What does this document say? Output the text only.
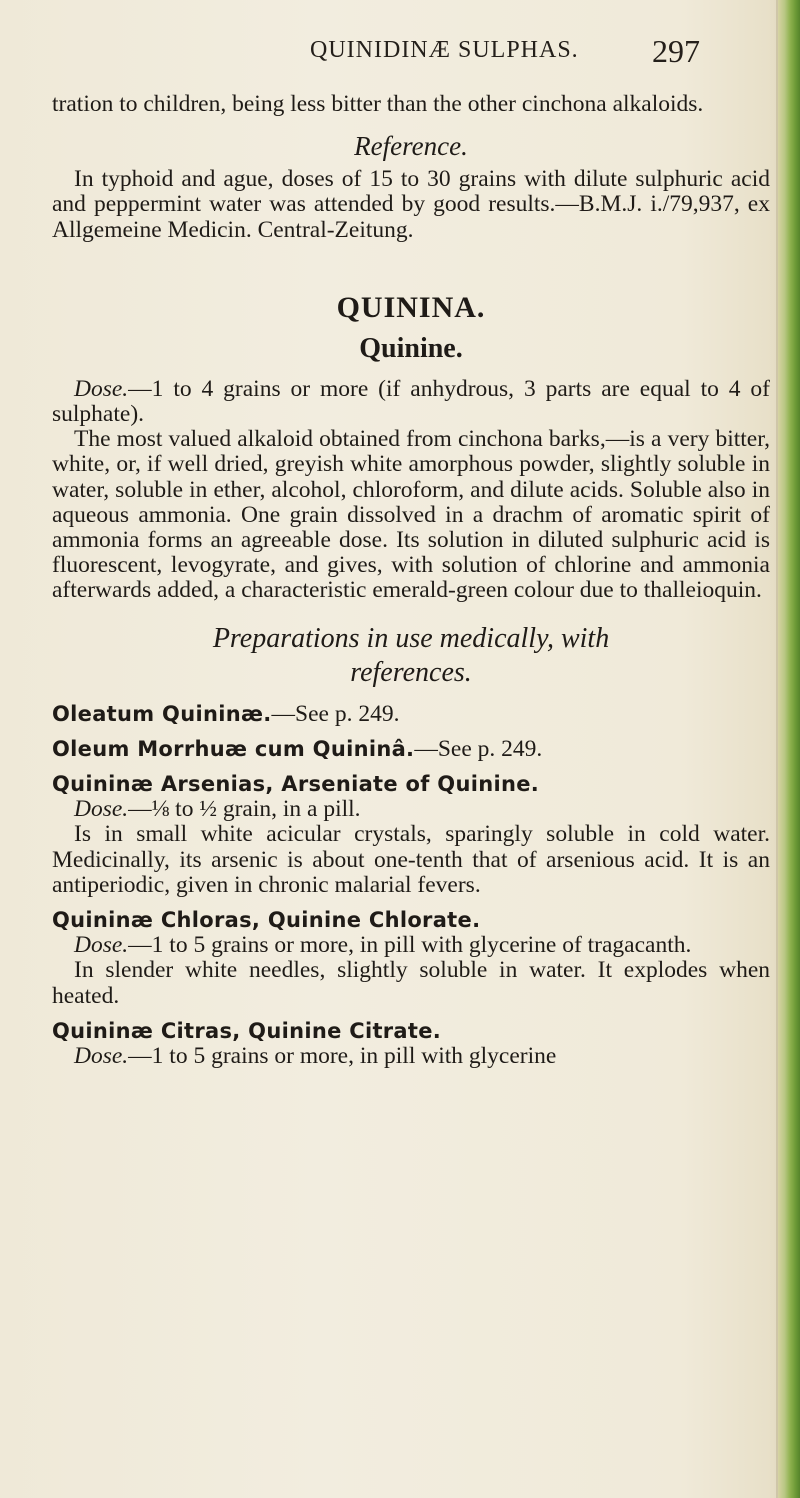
QUINIDINÆ SULPHAS. 297

tration to children, being less bitter than the other cinchona alkaloids.

Reference.

In typhoid and ague, doses of 15 to 30 grains with dilute sulphuric acid and peppermint water was attended by good results.—B.M.J. i./79,937, ex Allgemeine Medicin. Central-Zeitung.

QUININA.
Quinine.

Dose.—1 to 4 grains or more (if anhydrous, 3 parts are equal to 4 of sulphate).

The most valued alkaloid obtained from cinchona barks,—is a very bitter, white, or, if well dried, greyish white amorphous powder, slightly soluble in water, soluble in ether, alcohol, chloroform, and dilute acids. Soluble also in aqueous ammonia. One grain dissolved in a drachm of aromatic spirit of ammonia forms an agreeable dose. Its solution in diluted sulphuric acid is fluorescent, levogyrate, and gives, with solution of chlorine and ammonia afterwards added, a characteristic emerald-green colour due to thalleioquin.

Preparations in use medically, with
references.

Oleatum Quininæ.—See p. 249.

Oleum Morrhuæ cum Quininâ.—See p. 249.

Quininæ Arsenias, Arseniate of Quinine.

Dose.—⅛ to ½ grain, in a pill.

Is in small white acicular crystals, sparingly soluble in cold water. Medicinally, its arsenic is about one-tenth that of arsenious acid. It is an antiperiodic, given in chronic malarial fevers.

Quininæ Chloras, Quinine Chlorate.

Dose.—1 to 5 grains or more, in pill with glycerine of tragacanth.

In slender white needles, slightly soluble in water. It explodes when heated.

Quininæ Citras, Quinine Citrate.

Dose.—1 to 5 grains or more, in pill with glycerine
